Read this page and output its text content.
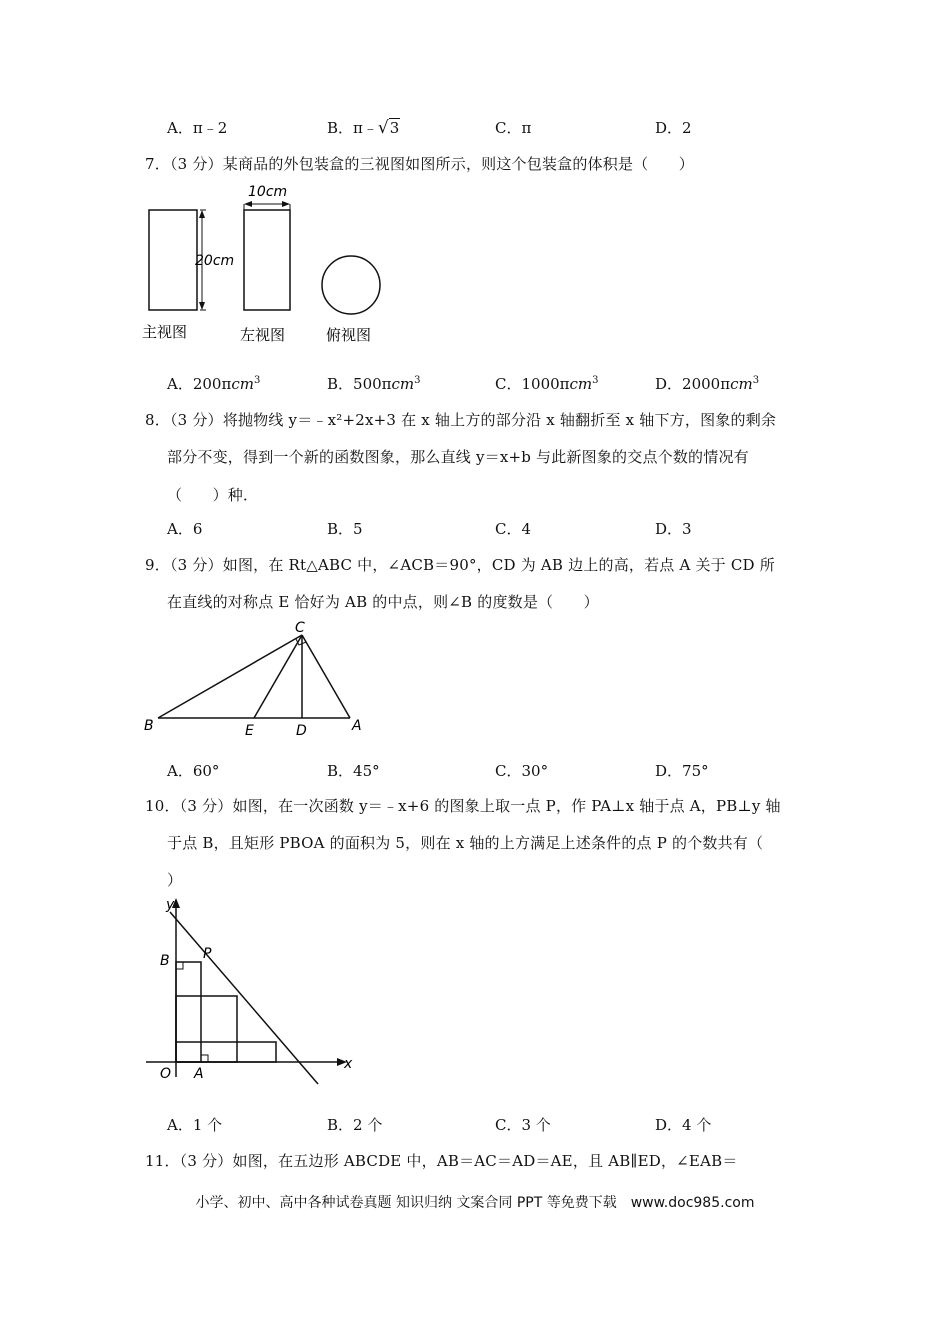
A．π﹣2	B．π﹣√3	C．π	D．2
7．（3 分）某商品的外包装盒的三视图如图所示，则这个包装盒的体积是（　　）
20cm
10cm
主视图	左视图	俯视图
A．200πcm$^3$	B．500πcm$^3$	C．1000πcm$^3$	D．2000πcm$^3$
8．（3 分）将抛物线 y＝﹣x²+2x+3 在 x 轴上方的部分沿 x 轴翻折至 x 轴下方，图象的剩余
部分不变，得到一个新的函数图象，那么直线 y＝x+b 与此新图象的交点个数的情况有
（　　）种．
A．6	B．5	C．4	D．3
9．（3 分）如图，在 Rt△ABC 中，∠ACB＝90°，CD 为 AB 边上的高，若点 A 关于 CD 所
在直线的对称点 E 恰好为 AB 的中点，则∠B 的度数是（　　）
C
B	E	D	A
A．60°	B．45°	C．30°	D．75°
10．（3 分）如图，在一次函数 y＝﹣x+6 的图象上取一点 P，作 PA⊥x 轴于点 A，PB⊥y 轴
于点 B，且矩形 PBOA 的面积为 5，则在 x 轴的上方满足上述条件的点 P 的个数共有（
）
y
x
O A
B P
A．1 个	B．2 个	C．3 个	D．4 个
11．（3 分）如图，在五边形 ABCDE 中，AB＝AC＝AD＝AE，且 AB∥ED，∠EAB＝
小学、初中、高中各种试卷真题 知识归纳 文案合同 PPT 等免费下载　www.doc985.com
